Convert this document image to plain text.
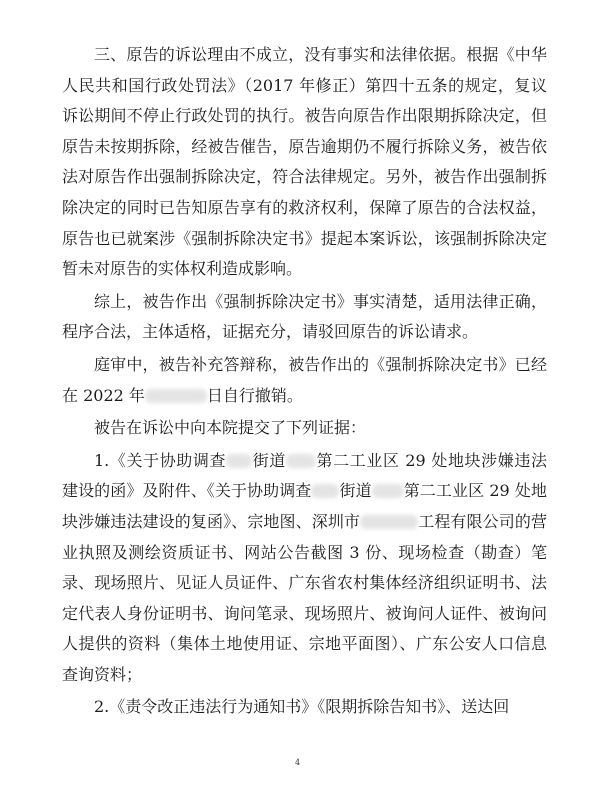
三、原告的诉讼理由不成立，没有事实和法律依据。根据《中华人民共和国行政处罚法》（2017 年修正）第四十五条的规定，复议诉讼期间不停止行政处罚的执行。被告向原告作出限期拆除决定，但原告未按期拆除，经被告催告，原告逾期仍不履行拆除义务，被告依法对原告作出强制拆除决定，符合法律规定。另外，被告作出强制拆除决定的同时已告知原告享有的救济权利，保障了原告的合法权益，原告也已就案涉《强制拆除决定书》提起本案诉讼，该强制拆除决定暂未对原告的实体权利造成影响。

综上，被告作出《强制拆除决定书》事实清楚，适用法律正确，程序合法，主体适格，证据充分，请驳回原告的诉讼请求。

庭审中，被告补充答辩称，被告作出的《强制拆除决定书》已经在 2022 年	日自行撤销。

被告在诉讼中向本院提交了下列证据：

1.《关于协助调查 街道 第二工业区 29 处地块涉嫌违法建设的函》及附件、《关于协助调查 街道 第二工业区 29 处地块涉嫌违法建设的复函》、宗地图、深圳市	工程有限公司的营业执照及测绘资质证书、网站公告截图 3 份、现场检查（勘查）笔录、现场照片、见证人员证件、广东省农村集体经济组织证明书、法定代表人身份证明书、询问笔录、现场照片、被询问人证件、被询问人提供的资料（集体土地使用证、宗地平面图）、广东公安人口信息查询资料；

2.《责令改正违法行为通知书》《限期拆除告知书》、送达回

4
